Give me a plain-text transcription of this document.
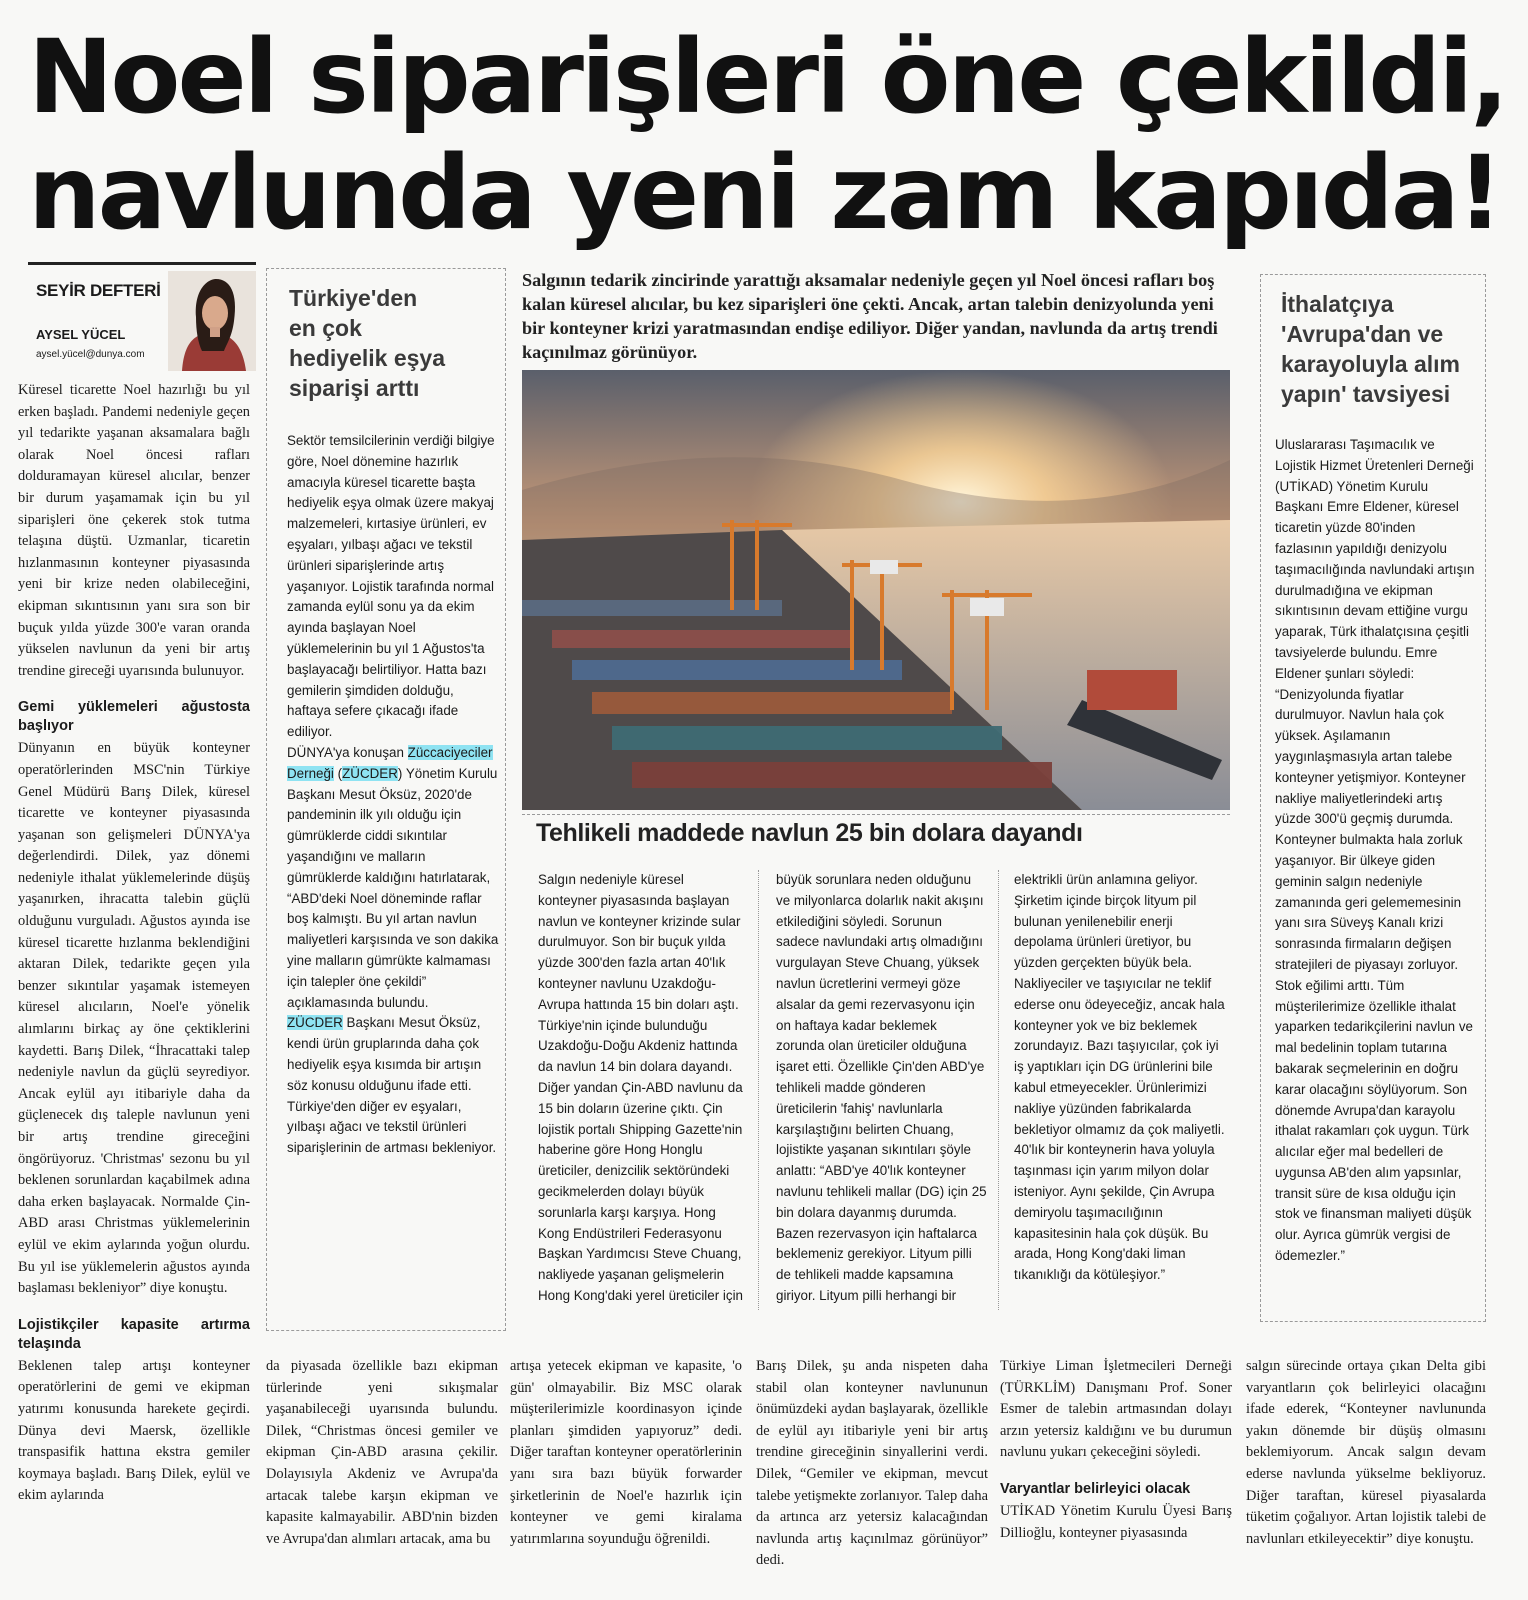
Noel siparişleri öne çekildi,
navlunda yeni zam kapıda!
SEYİR DEFTERİ
AYSEL YÜCEL
aysel.yücel@dunya.com

Küresel ticarette Noel hazırlığı bu yıl erken başladı. Pandemi nedeniyle geçen yıl tedarikte yaşanan aksamalara bağlı olarak Noel öncesi rafları dolduramayan küresel alıcılar, benzer bir durum yaşamamak için bu yıl siparişleri öne çekerek stok tutma telaşına düştü. Uzmanlar, ticaretin hızlanmasının konteyner piyasasında yeni bir krize neden olabileceğini, ekipman sıkıntısının yanı sıra son bir buçuk yılda yüzde 300'e varan oranda yükselen navlunun da yeni bir artış trendine gireceği uyarısında bulunuyor.

Gemi yüklemeleri ağustosta başlıyor

Dünyanın en büyük konteyner operatörlerinden MSC'nin Türkiye Genel Müdürü Barış Dilek, küresel ticarette ve konteyner piyasasında yaşanan son gelişmeleri DÜNYA'ya değerlendirdi. Dilek, yaz dönemi nedeniyle ithalat yüklemelerinde düşüş yaşanırken, ihracatta talebin güçlü olduğunu vurguladı. Ağustos ayında ise küresel ticarette hızlanma beklendiğini aktaran Dilek, tedarikte geçen yıla benzer sıkıntılar yaşamak istemeyen küresel alıcıların, Noel'e yönelik alımlarını birkaç ay öne çektiklerini kaydetti. Barış Dilek, “İhracattaki talep nedeniyle navlun da güçlü seyrediyor. Ancak eylül ayı itibariyle daha da güçlenecek dış taleple navlunun yeni bir artış trendine gireceğini öngörüyoruz. 'Christmas' sezonu bu yıl beklenen sorunlardan kaçabilmek adına daha erken başlayacak. Normalde Çin- ABD arası Christmas yüklemelerinin eylül ve ekim aylarında yoğun olurdu. Bu yıl ise yüklemelerin ağustos ayında başlaması bekleniyor” diye konuştu.

Lojistikçiler kapasite artırma telaşında

Beklenen talep artışı konteyner operatörlerini de gemi ve ekipman yatırımı konusunda harekete geçirdi. Dünya devi Maersk, özellikle transpasifik hattına ekstra gemiler koymaya başladı. Barış Dilek, eylül ve ekim aylarında

Türkiye'den en çok hediyelik eşya siparişi arttı

Sektör temsilcilerinin verdiği bilgiye göre, Noel dönemine hazırlık amacıyla küresel ticarette başta hediyelik eşya olmak üzere makyaj malzemeleri, kırtasiye ürünleri, ev eşyaları, yılbaşı ağacı ve tekstil ürünleri siparişlerinde artış yaşanıyor. Lojistik tarafında normal zamanda eylül sonu ya da ekim ayında başlayan Noel yüklemelerinin bu yıl 1 Ağustos'ta başlayacağı belirtiliyor. Hatta bazı gemilerin şimdiden dolduğu, haftaya sefere çıkacağı ifade ediliyor.

DÜNYA'ya konuşan Züccaciyeciler Derneği (ZÜCDER) Yönetim Kurulu Başkanı Mesut Öksüz, 2020'de pandeminin ilk yılı olduğu için gümrüklerde ciddi sıkıntılar yaşandığını ve malların gümrüklerde kaldığını hatırlatarak, “ABD'deki Noel döneminde raflar boş kalmıştı. Bu yıl artan navlun maliyetleri karşısında ve son dakika yine malların gümrükte kalmaması için talepler öne çekildi” açıklamasında bulundu.

ZÜCDER Başkanı Mesut Öksüz, kendi ürün gruplarında daha çok hediyelik eşya kısımda bir artışın söz konusu olduğunu ifade etti. Türkiye'den diğer ev eşyaları, yılbaşı ağacı ve tekstil ürünleri siparişlerinin de artması bekleniyor.

Salgının tedarik zincirinde yarattığı aksamalar nedeniyle geçen yıl Noel öncesi rafları boş kalan küresel alıcılar, bu kez siparişleri öne çekti. Ancak, artan talebin denizyolunda yeni bir konteyner krizi yaratmasından endişe ediliyor. Diğer yandan, navlunda da artış trendi kaçınılmaz görünüyor.
Tehlikeli maddede navlun 25 bin dolara dayandı
Salgın nedeniyle küresel konteyner piyasasında başlayan navlun ve konteyner krizinde sular durulmuyor. Son bir buçuk yılda yüzde 300'den fazla artan 40'lık konteyner navlunu Uzakdoğu-Avrupa hattında 15 bin doları aştı. Türkiye'nin içinde bulunduğu Uzakdoğu-Doğu Akdeniz hattında da navlun 14 bin dolara dayandı. Diğer yandan Çin-ABD navlunu da 15 bin doların üzerine çıktı. Çin lojistik portalı Shipping Gazette'nin haberine göre Hong Honglu üreticiler, denizcilik sektöründeki gecikmelerden dolayı büyük sorunlarla karşı karşıya. Hong Kong Endüstrileri Federasyonu Başkan Yardımcısı Steve Chuang, nakliyede yaşanan gelişmelerin Hong Kong'daki yerel üreticiler için
büyük sorunlara neden olduğunu ve milyonlarca dolarlık nakit akışını etkilediğini söyledi. Sorunun sadece navlundaki artış olmadığını vurgulayan Steve Chuang, yüksek navlun ücretlerini vermeyi göze alsalar da gemi rezervasyonu için on haftaya kadar beklemek zorunda olan üreticiler olduğuna işaret etti. Özellikle Çin'den ABD'ye tehlikeli madde gönderen üreticilerin 'fahiş' navlunlarla karşılaştığını belirten Chuang, lojistikte yaşanan sıkıntıları şöyle anlattı: “ABD'ye 40'lık konteyner navlunu tehlikeli mallar (DG) için 25 bin dolara dayanmış durumda. Bazen rezervasyon için haftalarca beklemeniz gerekiyor. Lityum pilli de tehlikeli madde kapsamına giriyor. Lityum pilli herhangi bir
elektrikli ürün anlamına geliyor. Şirketim içinde birçok lityum pil bulunan yenilenebilir enerji depolama ürünleri üretiyor, bu yüzden gerçekten büyük bela. Nakliyeciler ve taşıyıcılar ne teklif ederse onu ödeyeceğiz, ancak hala konteyner yok ve biz beklemek zorundayız. Bazı taşıyıcılar, çok iyi iş yaptıkları için DG ürünlerini bile kabul etmeyecekler. Ürünlerimizi nakliye yüzünden fabrikalarda bekletiyor olmamız da çok maliyetli. 40'lık bir konteynerin hava yoluyla taşınması için yarım milyon dolar isteniyor. Aynı şekilde, Çin Avrupa demiryolu taşımacılığının kapasitesinin hala çok düşük. Bu arada, Hong Kong'daki liman tıkanıklığı da kötüleşiyor.”
İthalatçıya 'Avrupa'dan ve karayoluyla alım yapın' tavsiyesi
Uluslararası Taşımacılık ve Lojistik Hizmet Üretenleri Derneği (UTİKAD) Yönetim Kurulu Başkanı Emre Eldener, küresel ticaretin yüzde 80'inden fazlasının yapıldığı denizyolu taşımacılığında navlundaki artışın durulmadığına ve ekipman sıkıntısının devam ettiğine vurgu yaparak, Türk ithalatçısına çeşitli tavsiyelerde bulundu. Emre Eldener şunları söyledi: “Denizyolunda fiyatlar durulmuyor. Navlun hala çok yüksek. Aşılamanın yaygınlaşmasıyla artan talebe konteyner yetişmiyor. Konteyner nakliye maliyetlerindeki artış yüzde 300'ü geçmiş durumda. Konteyner bulmakta hala zorluk yaşanıyor. Bir ülkeye giden geminin salgın nedeniyle zamanında geri gelememesinin yanı sıra Süveyş Kanalı krizi sonrasında firmaların değişen stratejileri de piyasayı zorluyor. Stok eğilimi arttı. Tüm müşterilerimize özellikle ithalat yaparken tedarikçilerini navlun ve mal bedelinin toplam tutarına bakarak seçmelerinin en doğru karar olacağını söylüyorum. Son dönemde Avrupa'dan karayolu ithalat rakamları çok uygun. Türk alıcılar eğer mal bedelleri de uygunsa AB'den alım yapsınlar, transit süre de kısa olduğu için stok ve finansman maliyeti düşük olur. Ayrıca gümrük vergisi de ödemezler.”
da piyasada özellikle bazı ekipman türlerinde yeni sıkışmalar yaşanabileceği uyarısında bulundu. Dilek, “Christmas öncesi gemiler ve ekipman Çin-ABD arasına çekilir. Dolayısıyla Akdeniz ve Avrupa'da artacak talebe karşın ekipman ve kapasite kalmayabilir. ABD'nin bizden ve Avrupa'dan alımları artacak, ama bu
artışa yetecek ekipman ve kapasite, 'o gün' olmayabilir. Biz MSC olarak müşterilerimizle koordinasyon içinde planları şimdiden yapıyoruz” dedi. Diğer taraftan konteyner operatörlerinin yanı sıra bazı büyük forwarder şirketlerinin de Noel'e hazırlık için konteyner ve gemi kiralama yatırımlarına soyunduğu öğrenildi.
Barış Dilek, şu anda nispeten daha stabil olan konteyner navlununun önümüzdeki aydan başlayarak, özellikle de eylül ayı itibariyle yeni bir artış trendine gireceğinin sinyallerini verdi. Dilek, “Gemiler ve ekipman, mevcut talebe yetişmekte zorlanıyor. Talep daha da artınca arz yetersiz kalacağından navlunda artış kaçınılmaz görünüyor” dedi.

Türkiye Liman İşletmecileri Derneği (TÜRKLİM) Danışmanı Prof. Soner Esmer de talebin artmasından dolayı arzın yetersiz kaldığını ve bu durumun navlunu yukarı çekeceğini söyledi.

Varyantlar belirleyici olacak

UTİKAD Yönetim Kurulu Üyesi Barış Dillioğlu, konteyner piyasasında

salgın sürecinde ortaya çıkan Delta gibi varyantların çok belirleyici olacağını ifade ederek, “Konteyner navlununda yakın dönemde bir düşüş olmasını beklemiyorum. Ancak salgın devam ederse navlunda yükselme bekliyoruz. Diğer taraftan, küresel piyasalarda tüketim çoğalıyor. Artan lojistik talebi de navlunları etkileyecektir” diye konuştu.
